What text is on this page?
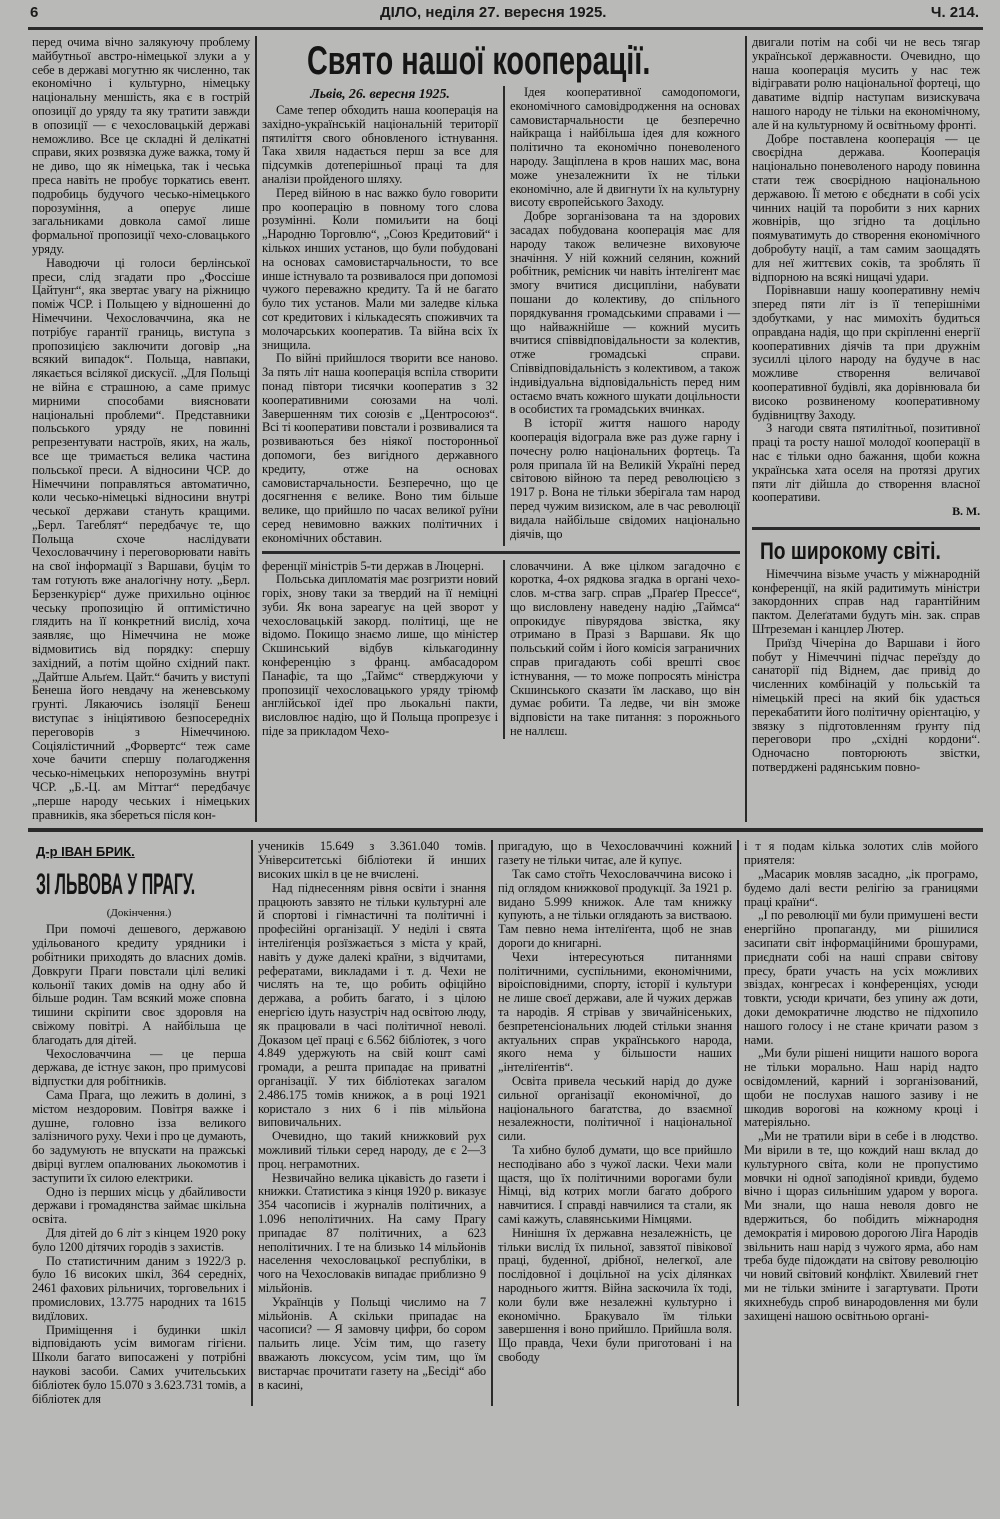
6	ДІЛО, неділя 27. вересня 1925.	Ч. 214.

перед очима вічно залякуючу проблему майбутньої австро-німецької злуки а у себе в державі могутню як численно, так економічно і культурно, німецьку національну меншість, яка є в гострій опозиції до уряду та яку тратити завжди в опозиції — є чехословацькій державі неможливо. Все це складні й делікатні справи, яких розвязка дуже важка, тому й не диво, що як німецька, так і чеська преса навіть не пробує торкатись евент. подробиць будучого чесько-німецького порозуміння, а оперує лише загальниками довкола самої лише формальної пропозиції чехо-словацького уряду.

Наводючи ці голоси берлінської преси, слід згадати про „Фоссіше Цайтунг“, яка звертає увагу на ріжницю поміж ЧСР. і Польщею у відношенні до Німеччини. Чехословаччина, яка не потрібує гарантії границь, виступа з пропозицією заключити договір „на всякий випадок“. Польща, навпаки, лякається всілякої дискусії. „Для Польщі не війна є страшною, а саме примус мирними способами виясновати національні проблеми“. Представники польського уряду не повинні репрезентувати настроїв, яких, на жаль, все ще тримається велика частина польської преси. А відносини ЧСР. до Німеччини поправляться автоматично, коли чесько-німецькі відносини внутрі чеської держави стануть кращими. „Берл. Тагеблят“ передбачує те, що Польща схоче наслідувати Чехословаччину і переговорювати навіть на свої інформації з Варшави, буцім то там готують вже аналогічну ноту. „Берл. Берзенкурієр“ дуже прихильно оцінює чеську пропозицію й оптимістично глядить на її конкретний вислід, хоча заявляє, що Німеччина не може відмовитись від порядку: спершу західний, а потім щойно східний пакт. „Дайтше Альґем. Цайт.“ бачить у виступі Бенеша його невдачу на женевському грунті. Лякаючись ізоляції Бенеш виступає з ініціятивою безпосередніх переговорів з Німеччиною. Соціялістичний „Форвертс“ теж саме хоче бачити спершу полагодження чесько-німецьких непорозумінь внутрі ЧСР. „Б.-Ц. ам Міттаг“ передбачує „перше народу чеських і німецьких правників, яка збереться після кон-

Свято нашої кооперації.
Львів, 26. вересня 1925.

Саме тепер обходить наша кооперація на західно-українській національній території пятиліття свого обновленого істнування. Така хвиля надається перш за все для підсумків дотеперішньої праці та для аналізи пройденого шляху.

Перед війною в нас важко було говорити про кооперацію в повному того слова розумінні. Коли помиљити на боці „Народню Торговлю“, „Союз Кредитовий“ і кількох инших установ, що були побудовані на основах самовистарчальности, то все инше істнувало та розвивалося при допомозі чужого переважно кредиту. Та й не багато було тих установ. Мали ми заледве кілька сот кредитових і кількадесять споживчих та молочарських кооператив. Та війна всіх їх знищила.

По війні прийшлося творити все наново. За пять літ наша кооперація вспіла створити понад півтори тисячки кооператив з 32 кооперативними союзами на чолі. Завершенням тих союзів є „Центросоюз“. Всі ті кооперативи повстали і розвивалися та розвиваються без ніякої посторонньої допомоги, без вигідного державного кредиту, отже на основах самовистарчальности. Безперечно, що це досягнення є велике. Воно тим більше велике, що прийшло по часах великої руїни серед невимовно важких політичних і економічних обставин.

Ідея кооперативної самодопомоги, економічного самовідродження на основах самовистарчальности це безперечно найкраща і найбільша ідея для кожного політично та економічно поневоленого народу. Защіплена в кров наших мас, вона може унезалежнити їх не тільки економічно, але й двигнути їх на культурну висоту європейського Заходу.

Добре зорганізована та на здорових засадах побудована кооперація має для народу також величезне виховуюче значіння. У ній кожний селянин, кожний робітник, ремісник чи навіть інтелігент має змогу вчитися дисципліни, набувати пошани до колективу, до спільного порядкування громадськими справами і — що найважнійше — кожний мусить вчитися співвідповідальности за колектив, отже громадські справи. Співвідповідальність з колективом, а також індивідуальна відповідальність перед ним остаємо вчать кожного шукати доцільности в особистих та громадських вчинках.

В історії життя нашого народу кооперація відограла вже раз дуже гарну і почесну ролю національних фортець. Та роля припала їй на Великій Україні перед світовою війною та перед революцією з 1917 р. Вона не тільки зберігала там народ перед чужим визиском, але в час революції видала найбільше свідомих національно діячів, що

ференції міністрів 5-ти держав в Люцерні.

Польська дипломатія має розгризти новий горіх, знову таки за твердий на її неміцні зуби. Як вона зареагує на цей зворот у чехословацькій закорд. політиці, ще не відомо. Покищо знаємо лише, що міністер Скшинський відбув кількагодинну конференцію з франц. амбасадором Панафіє, та що „Таймс“ стверджуючи у пропозиції чехословацького уряду тріюмф англійської ідеї про льокальні пакти, висловлює надію, що й Польща пропрезує і піде за прикладом Чехо-

словаччини. А вже цілком загадочно є коротка, 4-ох рядкова згадка в органі чехо-слов. м-ства загр. справ „Праґер Прессе“, що висловлену наведену надію „Таймса“ опрокидує півурядова звістка, яку отримано в Празі з Варшави. Як що польський сойм і його комісія заграничних справ пригадають собі врешті своє істнування, — то може попросять міністра Скшинського сказати їм ласкаво, що він думає робити. Та ледве, чи він зможе відповісти на таке питання: з порожнього не наллєш.

двигали потім на собі чи не весь тягар української державности. Очевидно, що наша кооперація мусить у нас теж відігравати ролю національної фортеці, що даватиме відпір наступам визискувача нашого народу не тільки на економічному, але й на культурному й освітньому фронті.

Добре поставлена кооперація — це своєрідна держава. Кооперація національно поневоленого народу повинна стати теж своєрідною національною державою. Її метою є обєднати в собі усіх чинних націй та поробити з них карних жовнірів, що згідно та доцільно поямуватимуть до створення економічного добробуту нації, а там самим заощадять для неї життєвих соків, та зроблять її відпорною на всякі нищачі удари.

Порівнавши нашу кооперативну неміч зперед пяти літ із її теперішніми здобутками, у нас мимохіть будиться оправдана надія, що при скріпленні енергії кооперативних діячів та при дружнім зусиллі цілого народу на будуче в нас можливе створення величавої кооперативної будівлі, яка дорівнювала би високо розвиненому кооперативному будівництву Заходу.

З нагоди свята пятилітньої, позитивної праці та росту нашої молодої кооперації в нас є тільки одно бажання, щоби кожна українська хата оселя на протязі других пяти літ дійшла до створення власної кооперативи.

В. М.
По широкому світі.

Німеччина візьме участь у міжнародній конференції, на якій радитимуть міністри закордонних справ над гарантійним пактом. Делеґатами будуть мін. зак. справ Штреземан і канцлер Лютер.

Приїзд Чічеріна до Варшави і його побут у Німеччині підчас переїзду до санаторії під Віднем, дає привід до численних комбінацій у польській та німецькій пресі на який бік удасться перекабатити його політичну орієнтацію, у звязку з підготовленням ґрунту під переговори про „східні кордони“. Одночасно повторюють звістки, потверджені радянським повно-

Д-р ІВАН БРИК.
ЗІ ЛЬВОВА У ПРАГУ.
(Докінчення.)

При помочі дешевого, державою удільованого кредиту урядники і робітники приходять до власних домів. Довкруги Праги повстали цілі великі кольонії таких домів на одну або й більше родин. Там всякий може сповна тишини скріпити своє здоровля на свіжому повітрі. А найбільша це благодать для дітей.

Чехословаччина — це перша держава, де істнує закон, про примусові відпустки для робітників.

Сама Прага, що лежить в долині, з містом нездоровим. Повітря важке і душне, головно ізза великого залізничого руху. Чехи і про це думають, бо задумують не впускати на пражські двірці вуглем опалюваних льокомотив і заступити їх силою електрики.

Одно із перших місць у дбайливости держави і громадянства займає шкільна освіта.

Для дітей до 6 літ з кінцем 1920 року було 1200 дітячих городів з захистів.

По статистичним даним з 1922/3 р. було 16 високих шкіл, 364 середніх, 2461 фахових рільничих, торговельних і промислових, 13.775 народних та 1615 видїлових.

Приміщення і будинки шкіл відповідають усім вимогам гігієни. Школи багато випосажені у потрібні наукові засоби. Самих учительських бібліотек було 15.070 з 3.623.731 томів, а бібліотек для

учеників 15.649 з 3.361.040 томів. Університетські бібліотеки й инших високих шкіл в це не вчислені.

Над піднесенням рівня освіти і знання працюють завзято не тільки культурні але й спортові і гімнастичні та політичні і професійні організації. У неділі і свята інтеліґенція розїзжається з міста у край, навіть у дуже далекі країни, з відчитами, рефератами, викладами і т. д. Чехи не числять на те, що робить офіційно держава, а робить багато, і з цілою енергією ідуть назустріч над освітою люду, як працювали в часі політичної неволі. Доказом цеї праці є 6.562 бібліотек, з чого 4.849 удержують на свій кошт самі громади, а решта припадає на приватні організації. У тих бібліотеках загалом 2.486.175 томів книжок, а в році 1921 користало з них 6 і пів мільйона виповичальних.

Очевидно, що такий книжковий рух можливий тільки серед народу, де є 2—3 проц. неграмотних.

Незвичайно велика цікавість до газети і книжки. Статистика з кінця 1920 р. виказує 354 часописів і журналів політичних, а 1.096 неполітичних. На саму Прагу припадає 87 політичних, а 623 неполітичних. І те на близько 14 мільйонів населення чехословацької республіки, в чого на Чехословаків випадає приблизно 9 мільйонів.

Українців у Польщі числимо на 7 мільйонів. А скільки припадає на часописи? — Я замовчу цифри, бо сором пальить лице. Усім тим, що газету вважають люксусом, усім тим, що їм вистарчає прочитати газету на „Бесіді“ або в касині,

пригадую, що в Чехословаччині кожний газету не тільки читає, але й купує.

Так само стоїть Чехословаччина високо і під оглядом книжкової продукції. За 1921 р. видано 5.999 книжок. Але там книжку купують, а не тільки оглядають за вистваою. Там певно нема інтеліґента, щоб не знав дороги до книгарні.

Чехи інтересуються питаннями політичними, суспільними, економічними, віроісповідними, спорту, історії і культури не лише своєї держави, але й чужих держав та народів. Я стрівав у звичайнісеньких, безпретенсіональних людей стільки знання актуальних справ українського народа, якого нема у більшости наших „інтеліґентів“.

Освіта привела чеський нарід до дуже сильної організації економічної, до національного багатства, до взаємної незалежности, політичної і національної сили.

Та хибно булоб думати, що все прийшло несподівано або з чужої ласки. Чехи мали щастя, що їх політичними ворогами були Німці, від котрих могли багато доброго навчитися. І справді навчилися та стали, як самі кажуть, славянськими Німцями.

Нинішня їх державна незалежність, це тільки вислід їх пильної, завзятої півікової праці, буденної, дрібної, нелегкої, але послідовної і доцільної на усіх ділянках народнього життя. Війна заскочила їх тоді, коли були вже незалежні культурно і економічно. Бракувало їм тільки завершення і воно прийшло. Прийшла воля. Що правда, Чехи були приготовані і на свободу

і т я подам кілька золотих слів мойого приятеля:

„Масарик мовляв засадно, „ік програмо, будемо далі вести релігію за границями праці країни“.

„І по революції ми були примушені вести енергійно пропаганду, ми рішилися засипати світ інформаційними брошурами, приєднати собі на наші справи світову пресу, брати участь на усіх можливих звіздах, конгресах і конференціях, усюди товкти, усюди кричати, без упину аж доти, доки демократичне людство не підхопило нашого голосу і не стане кричати разом з нами.

„Ми були рішені нищити нашого ворога не тільки морально. Наш нарід надто освідомлений, карний і зорганізований, щоби не послухав нашого зазиву і не шкодив ворогові на кожному кроці і матеріяльно.

„Ми не тратили віри в себе і в людство. Ми вірили в те, що кождий наш вклад до культурного світа, коли не пропустимо мовчки ні одної заподіяної кривди, будемо вічно і щораз сильнішим ударом у ворога. Ми знали, що наша неволя довго не вдержиться, бо побідить міжнародня демократія і мировою дорогою Ліга Народів звільнить наш нарід з чужого ярма, або нам треба буде підождати на світову революцію чи новий світовий конфлікт. Хвилевий гнет ми не тільки зміните і загартувати. Проти якихнебудь спроб винародовлення ми були захищені нашою освітньою органі-
